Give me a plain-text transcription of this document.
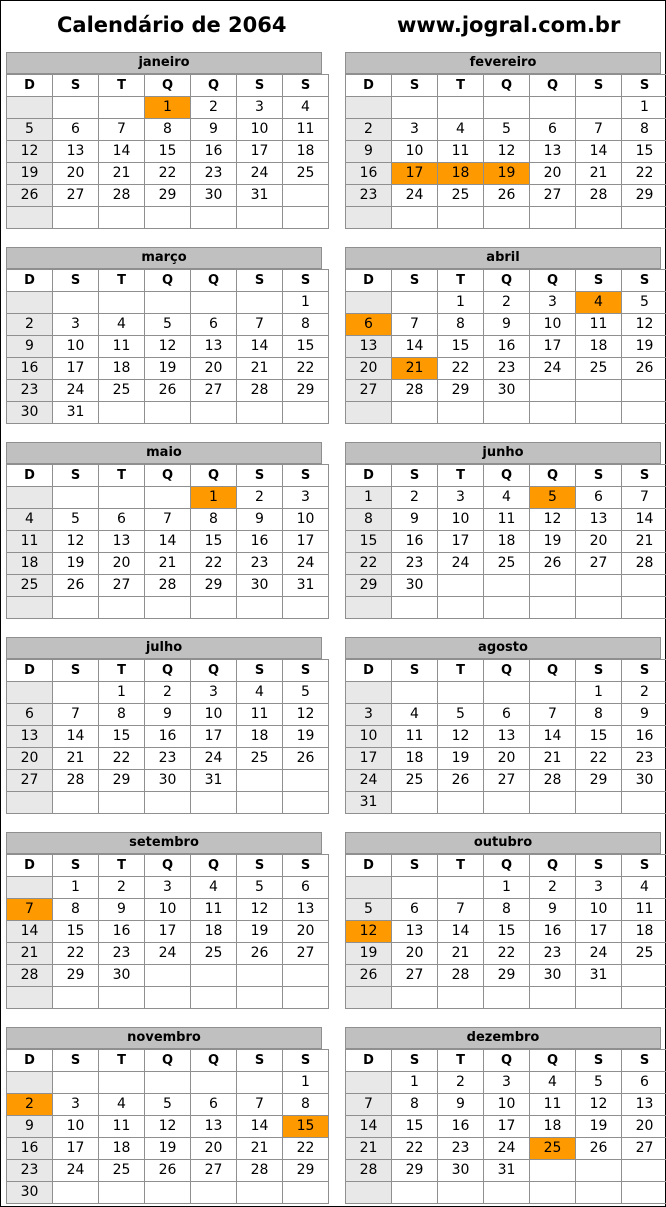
Calendário de 2064	www.jogral.com.br
janeiro
D	S	T	Q	Q	S	S
			1	2	3	4
5	6	7	8	9	10	11
12	13	14	15	16	17	18
19	20	21	22	23	24	25
26	27	28	29	30	31	

fevereiro
D	S	T	Q	Q	S	S
						1
2	3	4	5	6	7	8
9	10	11	12	13	14	15
16	17	18	19	20	21	22
23	24	25	26	27	28	29

março
D	S	T	Q	Q	S	S
						1
2	3	4	5	6	7	8
9	10	11	12	13	14	15
16	17	18	19	20	21	22
23	24	25	26	27	28	29
30	31					
abril
D	S	T	Q	Q	S	S
		1	2	3	4	5
6	7	8	9	10	11	12
13	14	15	16	17	18	19
20	21	22	23	24	25	26
27	28	29	30			

maio
D	S	T	Q	Q	S	S
				1	2	3
4	5	6	7	8	9	10
11	12	13	14	15	16	17
18	19	20	21	22	23	24
25	26	27	28	29	30	31

junho
D	S	T	Q	Q	S	S
1	2	3	4	5	6	7
8	9	10	11	12	13	14
15	16	17	18	19	20	21
22	23	24	25	26	27	28
29	30					

julho
D	S	T	Q	Q	S	S
		1	2	3	4	5
6	7	8	9	10	11	12
13	14	15	16	17	18	19
20	21	22	23	24	25	26
27	28	29	30	31		

agosto
D	S	T	Q	Q	S	S
					1	2
3	4	5	6	7	8	9
10	11	12	13	14	15	16
17	18	19	20	21	22	23
24	25	26	27	28	29	30
31						
setembro
D	S	T	Q	Q	S	S
	1	2	3	4	5	6
7	8	9	10	11	12	13
14	15	16	17	18	19	20
21	22	23	24	25	26	27
28	29	30				

outubro
D	S	T	Q	Q	S	S
			1	2	3	4
5	6	7	8	9	10	11
12	13	14	15	16	17	18
19	20	21	22	23	24	25
26	27	28	29	30	31	

novembro
D	S	T	Q	Q	S	S
						1
2	3	4	5	6	7	8
9	10	11	12	13	14	15
16	17	18	19	20	21	22
23	24	25	26	27	28	29
30						
dezembro
D	S	T	Q	Q	S	S
	1	2	3	4	5	6
7	8	9	10	11	12	13
14	15	16	17	18	19	20
21	22	23	24	25	26	27
28	29	30	31			
